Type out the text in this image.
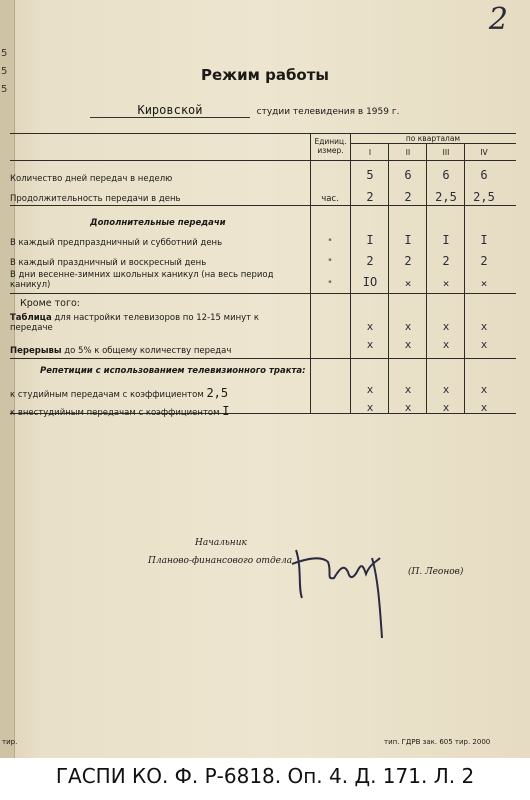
5
5
5
2
Режим работы
Кировской	студии телевидения в 1959 г.
Единиц. измер.
по кварталам
I	II	III	IV
Количество дней передач в неделю	5	6	6	6
Продолжительность передачи в день	час.	2	2	2,5	2,5
Дополнительные передачи
В каждый предпраздничный и субботний день	"	I	I	I	I
В каждый праздничный и воскресный день	"	2	2	2	2
В дни весенне-зимних школьных каникул (на весь период каникул)	"	IO	×	×	×
Кроме того:
Таблица для настройки телевизоров по 12-15 минут к передаче	x	x	x	x
Перерывы до 5% к общему количеству передач	x	x	x	x
Репетиции с использованием телевизионного тракта:
к студийным передачам с коэффициентом 2,5	x	x	x	x
к внестудийным передачам с коэффициентом I	x	x	x	x
Начальник
Планово-финансового отдела
(П. Леонов)
тир.	тип. ГДРВ зак. 605 тир. 2000
ГАСПИ КО. Ф. Р-6818. Оп. 4. Д. 171. Л. 2
